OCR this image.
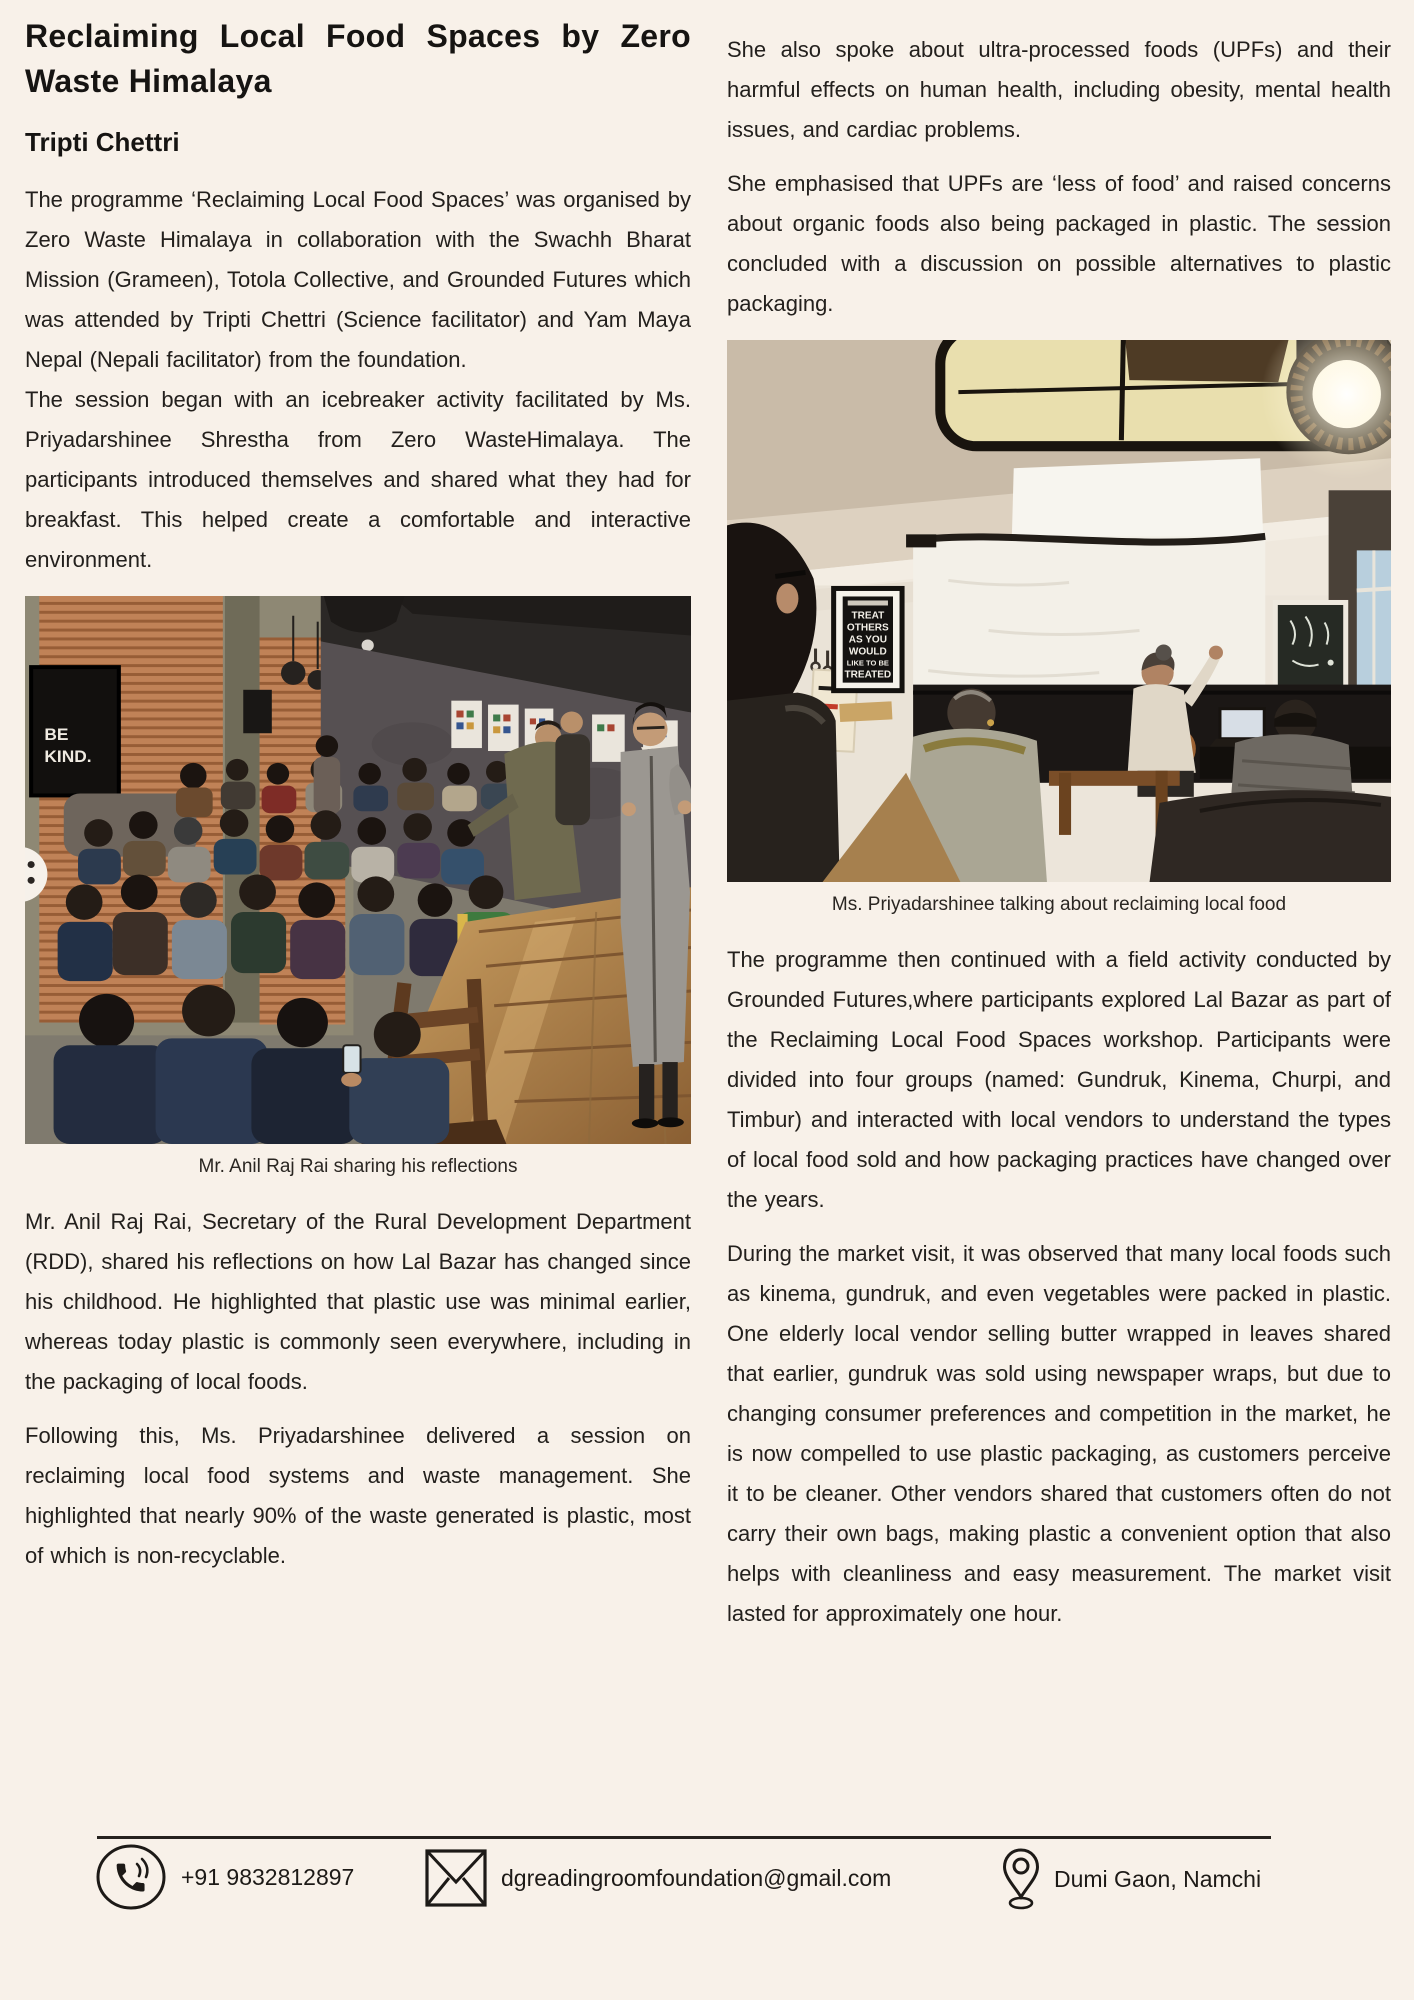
Reclaiming Local Food Spaces by Zero Waste Himalaya
Tripti Chettri

The programme ‘Reclaiming Local Food Spaces’ was organised by Zero Waste Himalaya in collaboration with the Swachh Bharat Mission (Grameen), Totola Collective, and Grounded Futures which was attended by Tripti Chettri (Science facilitator) and Yam Maya Nepal (Nepali facilitator) from the foundation.

The session began with an icebreaker activity facilitated by Ms. Priyadarshinee Shrestha from Zero WasteHimalaya. The participants introduced themselves and shared what they had for breakfast. This helped create a comfortable and interactive environment.

BE
KIND.
Mr. Anil Raj Rai sharing his reflections

Mr. Anil Raj Rai, Secretary of the Rural Development Department (RDD), shared his reflections on how Lal Bazar has changed since his childhood. He highlighted that plastic use was minimal earlier, whereas today plastic is commonly seen everywhere, including in the packaging of local foods.

Following this, Ms. Priyadarshinee delivered a session on reclaiming local food systems and waste management. She highlighted that nearly 90% of the waste generated is plastic, most of which is non-recyclable.

She also spoke about ultra-processed foods (UPFs) and their harmful effects on human health, including obesity, mental health issues, and cardiac problems.

She emphasised that UPFs are ‘less of food’ and raised concerns about organic foods also being packaged in plastic. The session concluded with a discussion on possible alternatives to plastic packaging.

TREAT
OTHERS
AS YOU
WOULD
LIKE TO BE
TREATED
Ms. Priyadarshinee talking about reclaiming local food

The programme then continued with a field activity conducted by Grounded Futures,where participants explored Lal Bazar as part of the Reclaiming Local Food Spaces workshop. Participants were divided into four groups (named: Gundruk, Kinema, Churpi, and Timbur) and interacted with local vendors to understand the types of local food sold and how packaging practices have changed over the years.

During the market visit, it was observed that many local foods such as kinema, gundruk, and even vegetables were packed in plastic. One elderly local vendor selling butter wrapped in leaves shared that earlier, gundruk was sold using newspaper wraps, but due to changing consumer preferences and competition in the market, he is now compelled to use plastic packaging, as customers perceive it to be cleaner. Other vendors shared that customers often do not carry their own bags, making plastic a convenient option that also helps with cleanliness and easy measurement. The market visit lasted for approximately one hour.

+91 9832812897	dgreadingroomfoundation@gmail.com	Dumi Gaon, Namchi
